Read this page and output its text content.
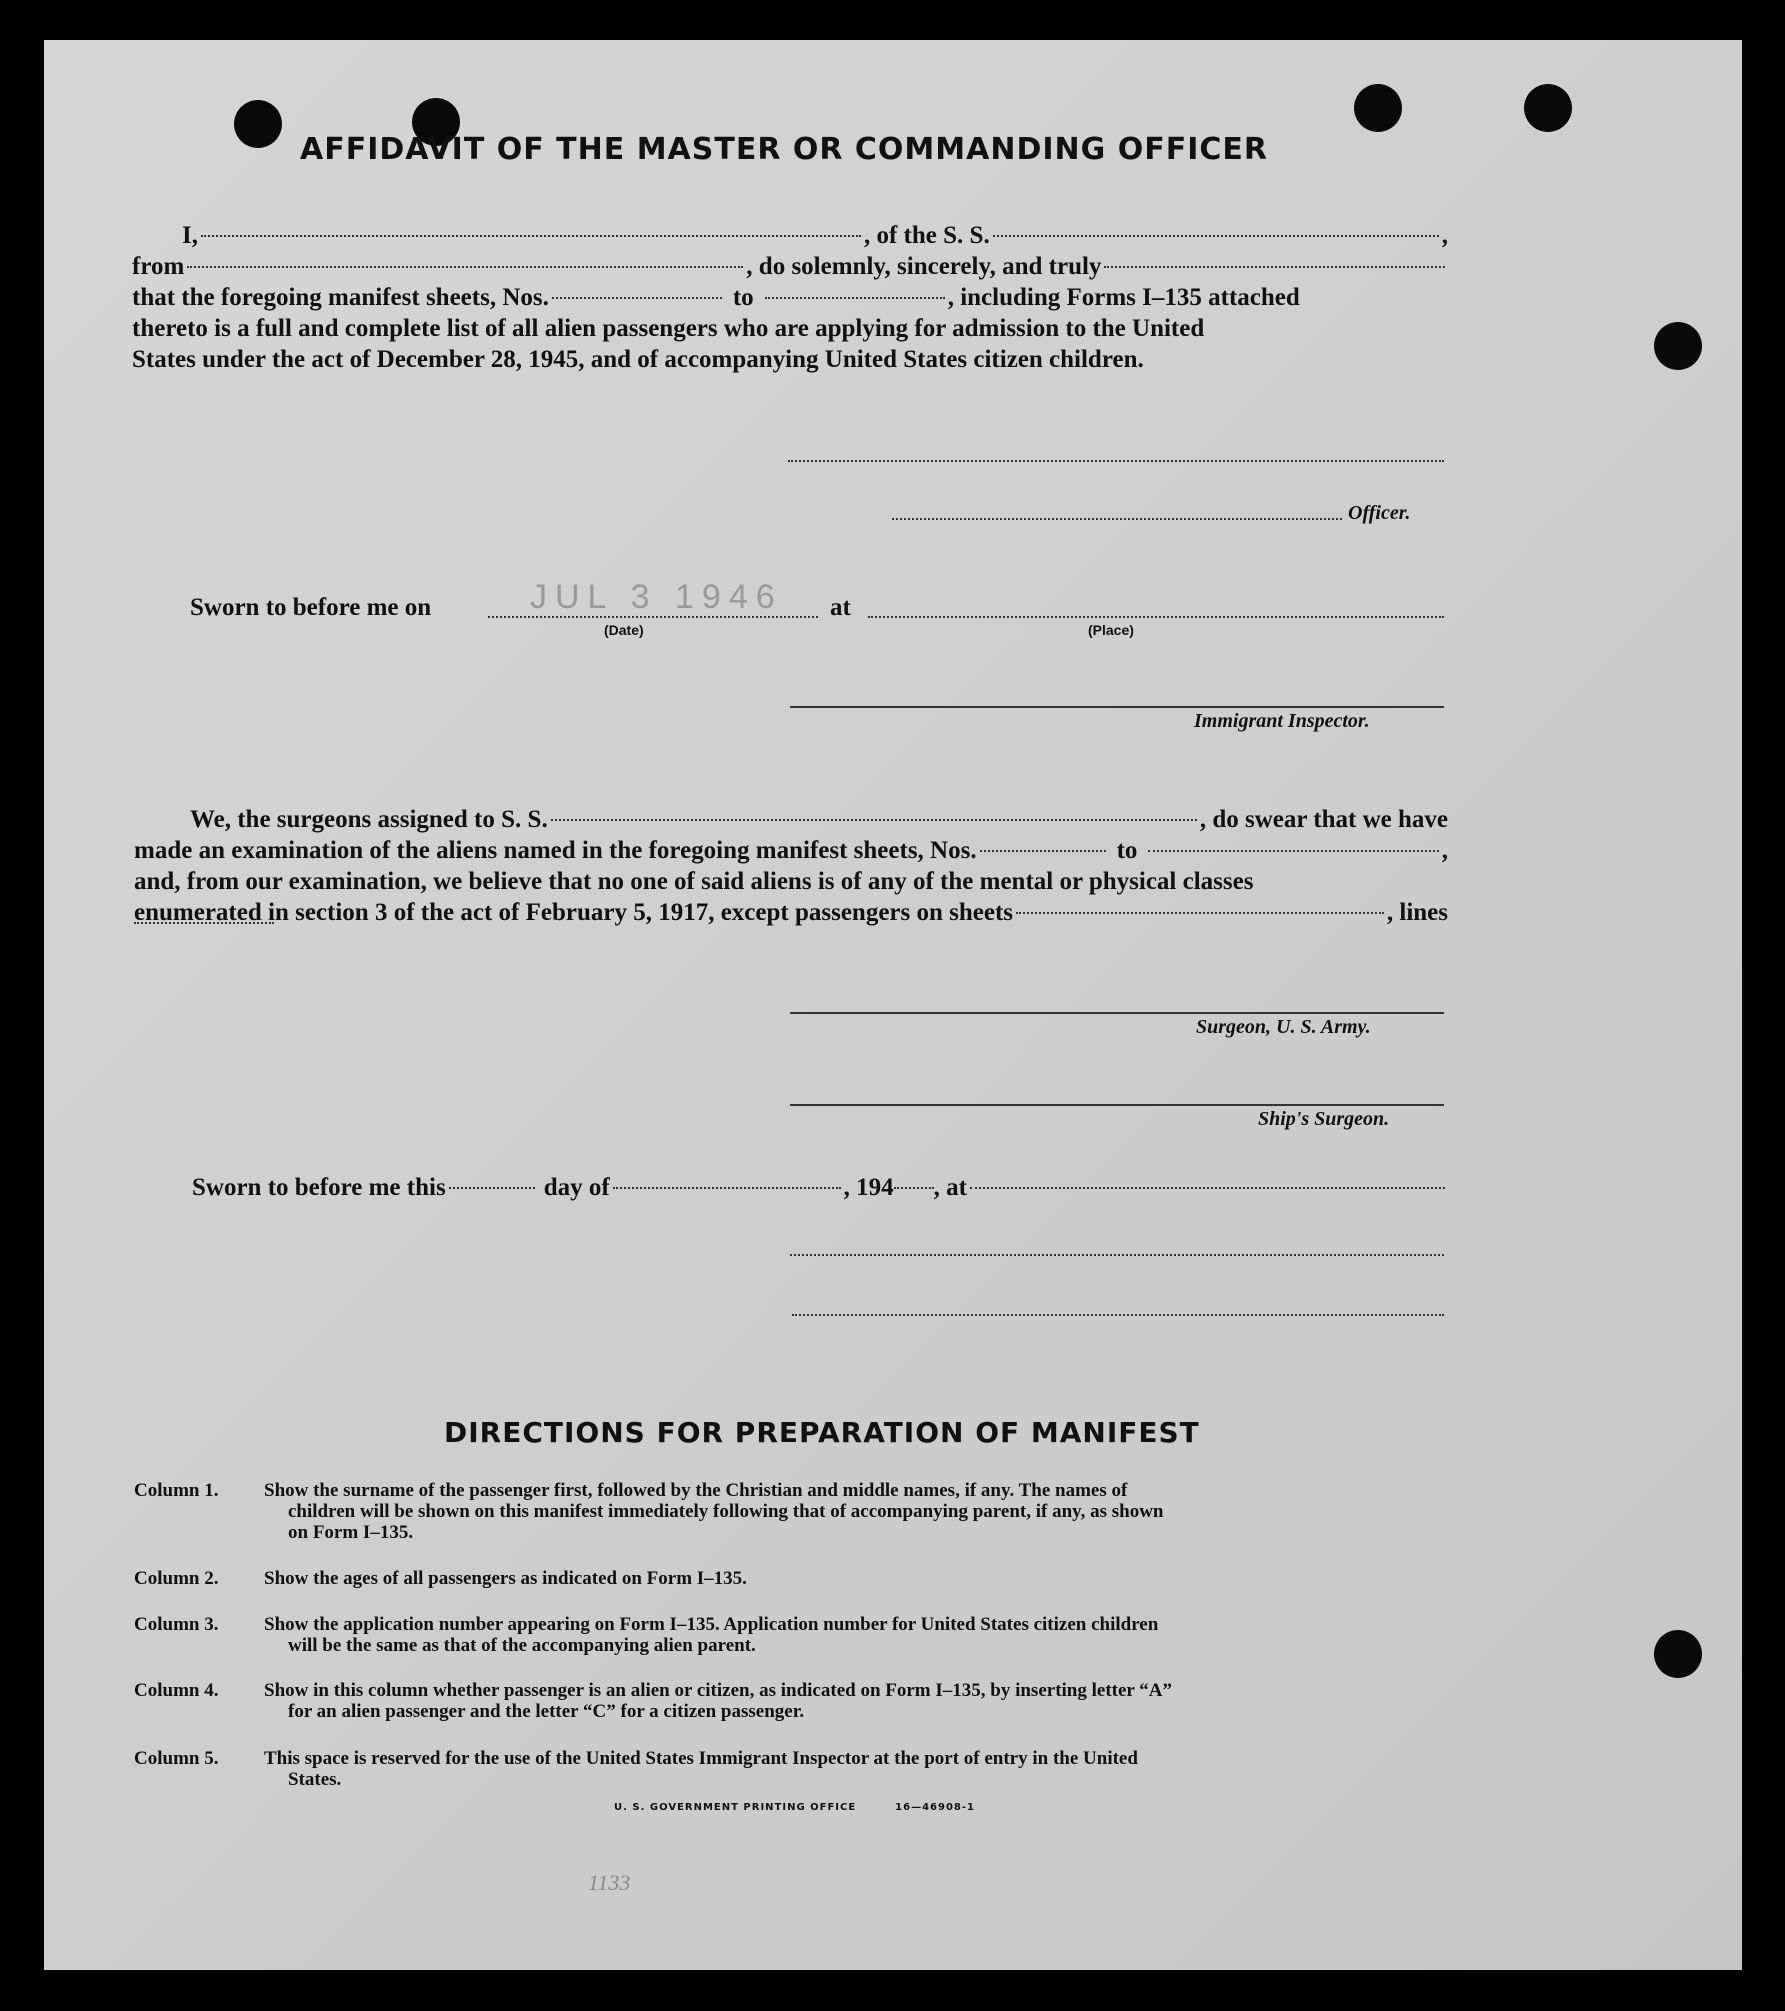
AFFIDAVIT OF THE MASTER OR COMMANDING OFFICER
I,	, of the S. S.	,
from	, do solemnly, sincerely, and truly
that the foregoing manifest sheets, Nos.	to	, including Forms I–135 attached
thereto is a full and complete list of all alien passengers who are applying for admission to the United
States under the act of December 28, 1945, and of accompanying United States citizen children.
Officer.
Sworn to before me on	JUL 3 1946 at
(Date)	(Place)
Immigrant Inspector.
We, the surgeons assigned to S. S.	, do swear that we have
made an examination of the aliens named in the foregoing manifest sheets, Nos.	to	,
and, from our examination, we believe that no one of said aliens is of any of the mental or physical classes
enumerated in section 3 of the act of February 5, 1917, except passengers on sheets	, lines
Surgeon, U. S. Army.
Ship's Surgeon.
Sworn to before me this	day of	, 194 , at
DIRECTIONS FOR PREPARATION OF MANIFEST
Column 1.	Show the surname of the passenger first, followed by the Christian and middle names, if any. The names of
children will be shown on this manifest immediately following that of accompanying parent, if any, as shown
on Form I–135.
Column 2.	Show the ages of all passengers as indicated on Form I–135.
Column 3.	Show the application number appearing on Form I–135. Application number for United States citizen children
will be the same as that of the accompanying alien parent.
Column 4.	Show in this column whether passenger is an alien or citizen, as indicated on Form I–135, by inserting letter “A”
for an alien passenger and the letter “C” for a citizen passenger.
Column 5.	This space is reserved for the use of the United States Immigrant Inspector at the port of entry in the United
States.
U. S. GOVERNMENT PRINTING OFFICE	16—46908-1
1133
